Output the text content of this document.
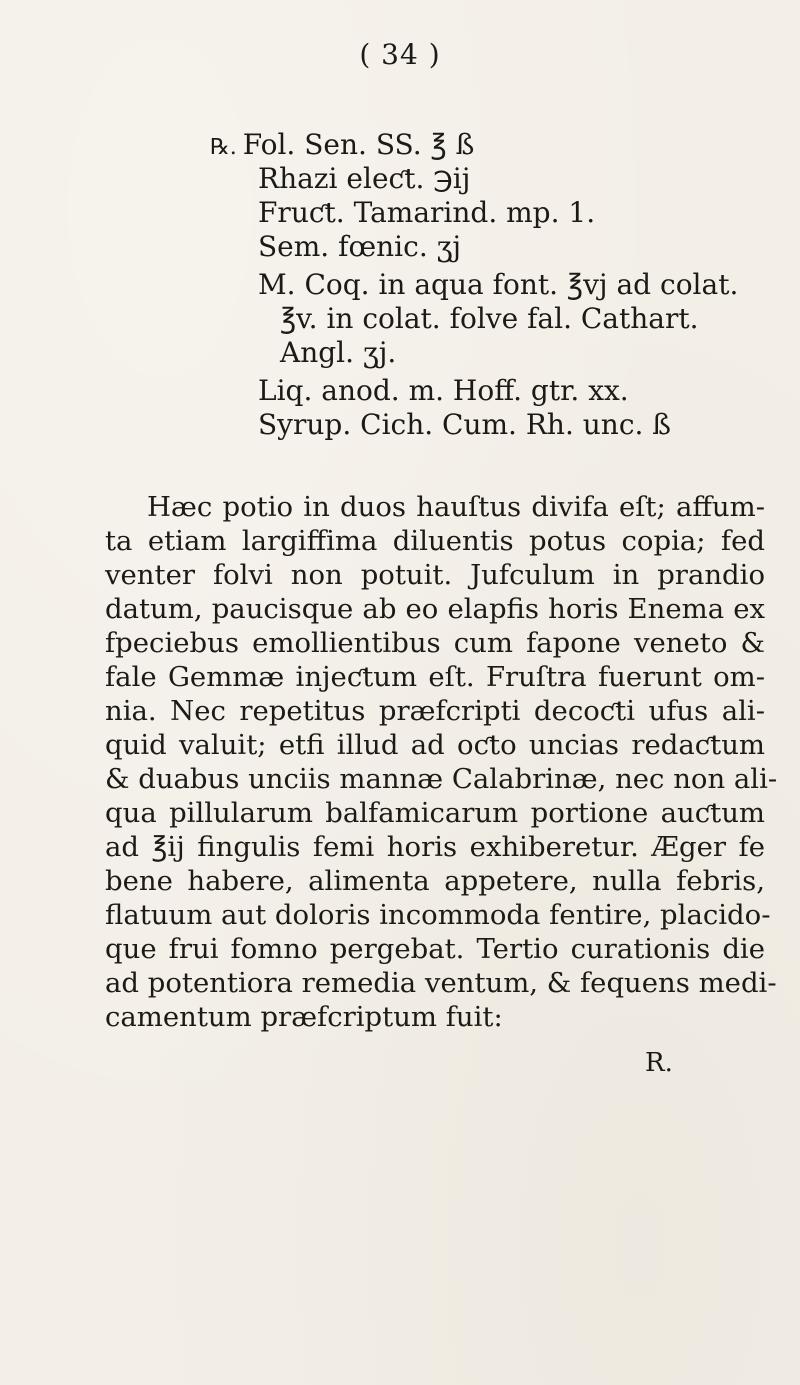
( 34 )
℞. Fol. Sen. SS. ℥ ß
Rhazi eleƈt. ℈ij
Fruƈt. Tamarind. mp. 1.
Sem. fœnic. ʒj
M. Coq. in aqua font. ℥vj ad colat.
℥v. in colat. folve fal. Cathart.
Angl. ʒj.
Liq. anod. m. Hoff. gtr. xx.
Syrup. Cich. Cum. Rh. unc. ß
Hæc potio in duos hauſtus divifa eſt; affum-
ta etiam largiffima diluentis potus copia; fed
venter folvi non potuit. Jufculum in prandio
datum, paucisque ab eo elapfis horis Enema ex
fpeciebus emollientibus cum fapone veneto &
fale Gemmæ injeƈtum eſt. Fruſtra fuerunt om-
nia. Nec repetitus præfcripti decoƈti ufus ali-
quid valuit; etfi illud ad oƈto uncias redaƈtum
& duabus unciis mannæ Calabrinæ, nec non ali-
qua pillularum balfamicarum portione auƈtum
ad ℥ij fingulis femi horis exhiberetur. Æger fe
bene habere, alimenta appetere, nulla febris,
flatuum aut doloris incommoda fentire, placido-
que frui fomno pergebat. Tertio curationis die
ad potentiora remedia ventum, & fequens medi-
camentum præfcriptum fuit:
R.
